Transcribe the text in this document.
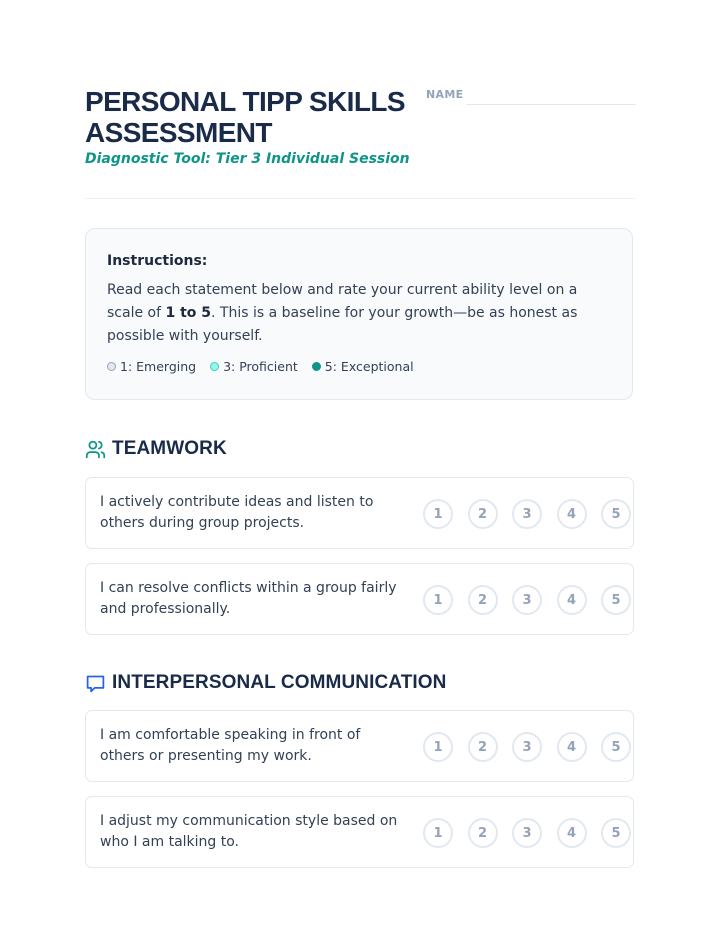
PERSONAL TIPP SKILLS ASSESSMENT
Diagnostic Tool: Tier 3 Individual Session
NAME
Instructions:
Read each statement below and rate your current ability level on a scale of 1 to 5. This is a baseline for your growth—be as honest as possible with yourself.
1: Emerging 3: Proficient 5: Exceptional
TEAMWORK
I actively contribute ideas and listen to others during group projects.
1	2	3	4	5
I can resolve conflicts within a group fairly and professionally.
1	2	3	4	5
INTERPERSONAL COMMUNICATION
I am comfortable speaking in front of others or presenting my work.
1	2	3	4	5
I adjust my communication style based on who I am talking to.
1	2	3	4	5
